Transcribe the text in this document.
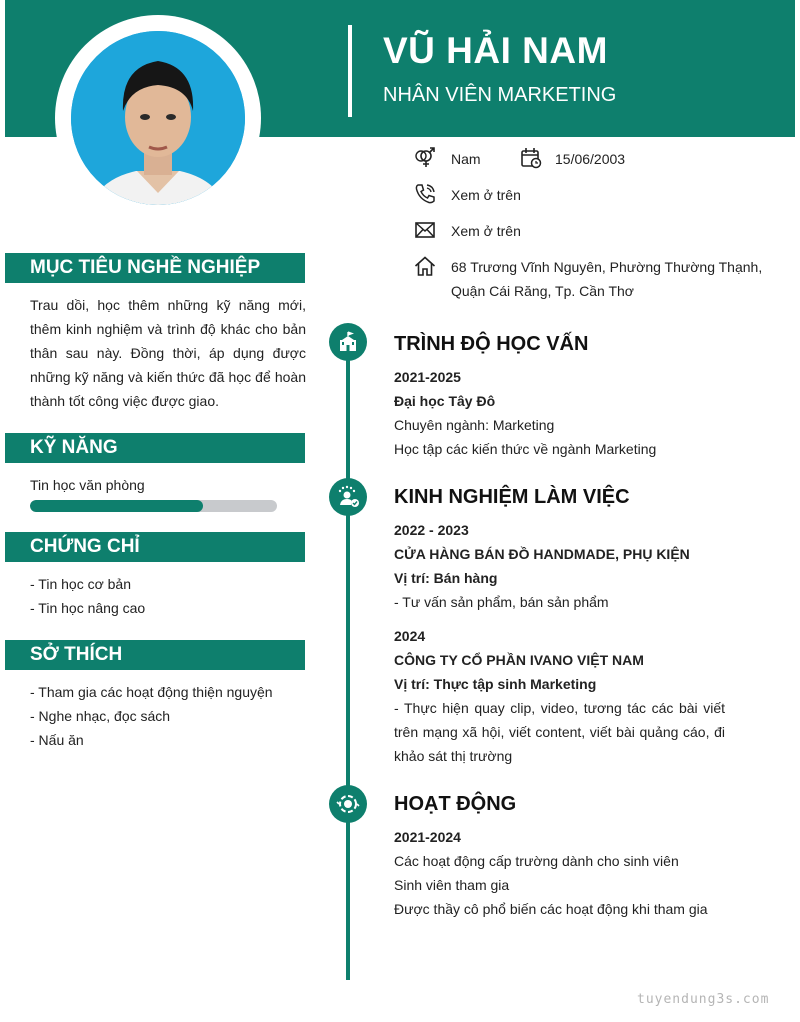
VŨ HẢI NAM
NHÂN VIÊN MARKETING
Nam	15/06/2003
Xem ở trên
Xem ở trên
68 Trương Vĩnh Nguyên, Phường Thường Thạnh,
Quận Cái Răng, Tp. Cần Thơ
MỤC TIÊU NGHỀ NGHIỆP
Trau dồi, học thêm những kỹ năng mới, thêm kinh nghiệm và trình độ khác cho bản thân sau này. Đồng thời, áp dụng được những kỹ năng và kiến thức đã học để hoàn thành tốt công việc được giao.
KỸ NĂNG
Tin học văn phòng
CHỨNG CHỈ
- Tin học cơ bản
- Tin học nâng cao
SỞ THÍCH
- Tham gia các hoạt động thiện nguyện
- Nghe nhạc, đọc sách
- Nấu ăn
TRÌNH ĐỘ HỌC VẤN
2021-2025
Đại học Tây Đô
Chuyên ngành: Marketing
Học tập các kiến thức về ngành Marketing
KINH NGHIỆM LÀM VIỆC
2022 - 2023
CỬA HÀNG BÁN ĐỒ HANDMADE, PHỤ KIỆN
Vị trí: Bán hàng
- Tư vấn sản phẩm, bán sản phẩm
2024
CÔNG TY CỔ PHẦN IVANO VIỆT NAM
Vị trí: Thực tập sinh Marketing
- Thực hiện quay clip, video, tương tác các bài viết trên mạng xã hội, viết content, viết bài quảng cáo, đi khảo sát thị trường
HOẠT ĐỘNG
2021-2024
Các hoạt động cấp trường dành cho sinh viên
Sinh viên tham gia
Được thầy cô phổ biến các hoạt động khi tham gia
tuyendung3s.com
